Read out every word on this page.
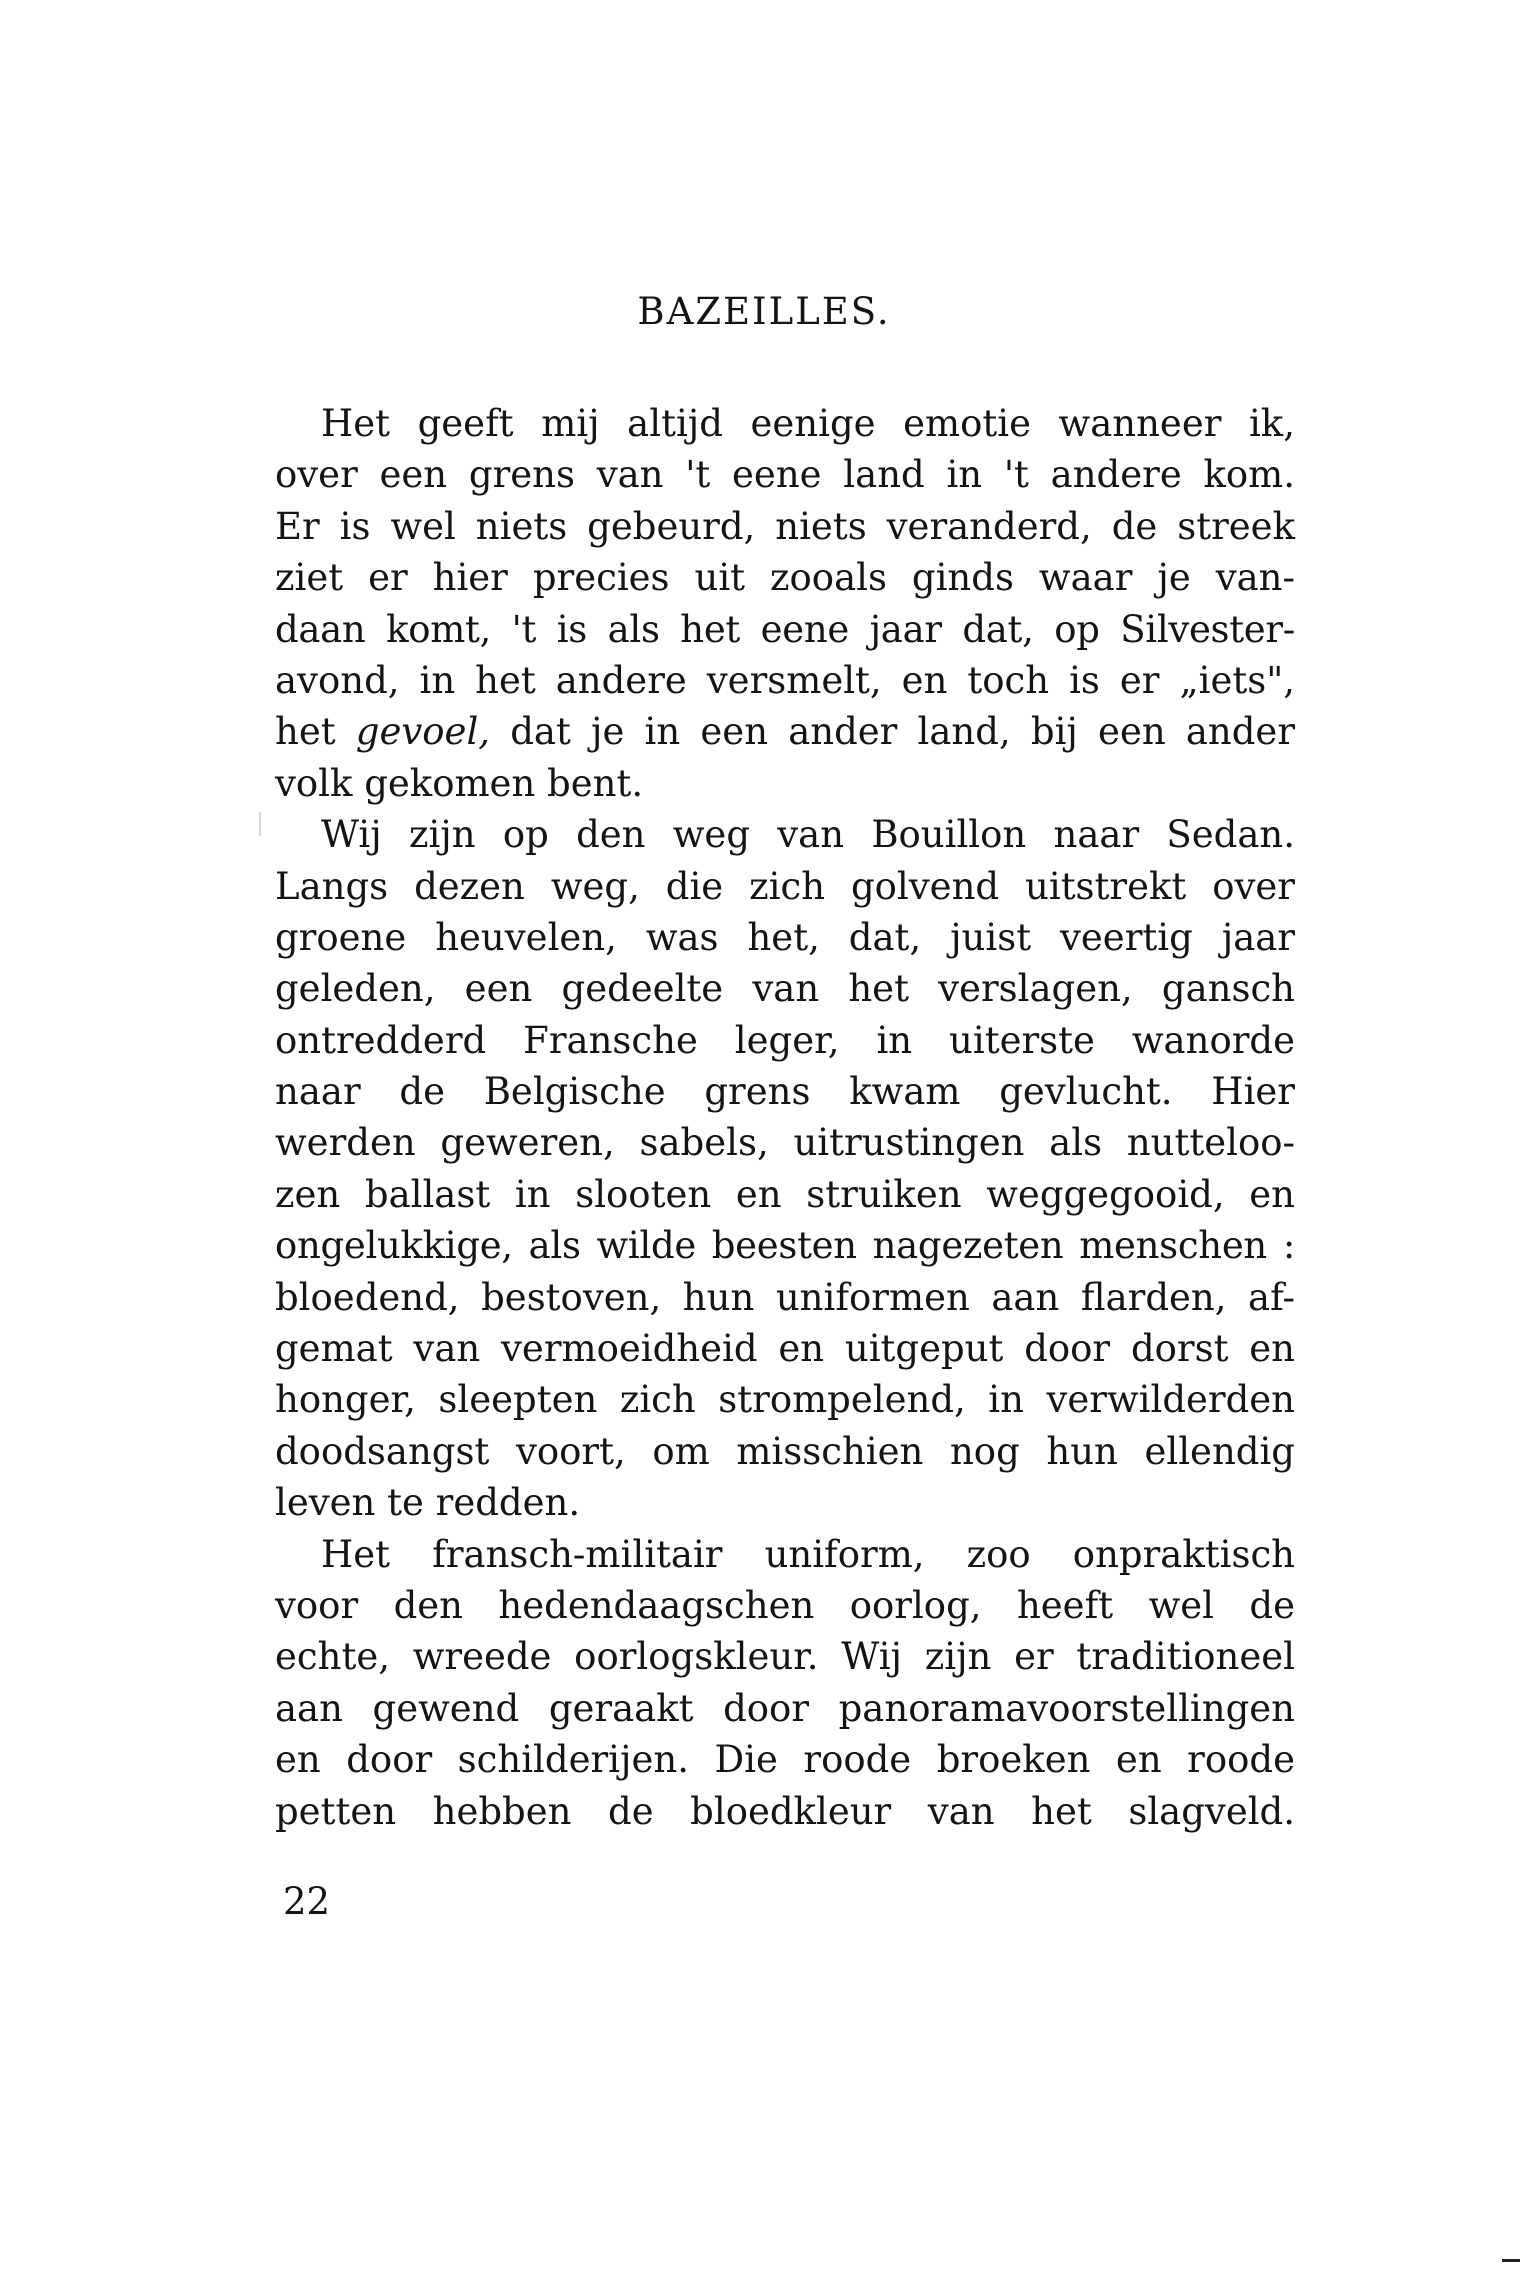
BAZEILLES.
Het geeft mij altijd eenige emotie wanneer ik,
over een grens van 't eene land in 't andere kom.
Er is wel niets gebeurd, niets veranderd, de streek
ziet er hier precies uit zooals ginds waar je van-
daan komt, 't is als het eene jaar dat, op Silvester-
avond, in het andere versmelt, en toch is er „iets",
het gevoel, dat je in een ander land, bij een ander
volk gekomen bent.
Wij zijn op den weg van Bouillon naar Sedan.
Langs dezen weg, die zich golvend uitstrekt over
groene heuvelen, was het, dat, juist veertig jaar
geleden, een gedeelte van het verslagen, gansch
ontredderd Fransche leger, in uiterste wanorde
naar de Belgische grens kwam gevlucht. Hier
werden geweren, sabels, uitrustingen als nutteloo-
zen ballast in slooten en struiken weggegooid, en
ongelukkige, als wilde beesten nagezeten menschen :
bloedend, bestoven, hun uniformen aan flarden, af-
gemat van vermoeidheid en uitgeput door dorst en
honger, sleepten zich strompelend, in verwilderden
doodsangst voort, om misschien nog hun ellendig
leven te redden.
Het fransch-militair uniform, zoo onpraktisch
voor den hedendaagschen oorlog, heeft wel de
echte, wreede oorlogskleur. Wij zijn er traditioneel
aan gewend geraakt door panoramavoorstellingen
en door schilderijen. Die roode broeken en roode
petten hebben de bloedkleur van het slagveld.

22
